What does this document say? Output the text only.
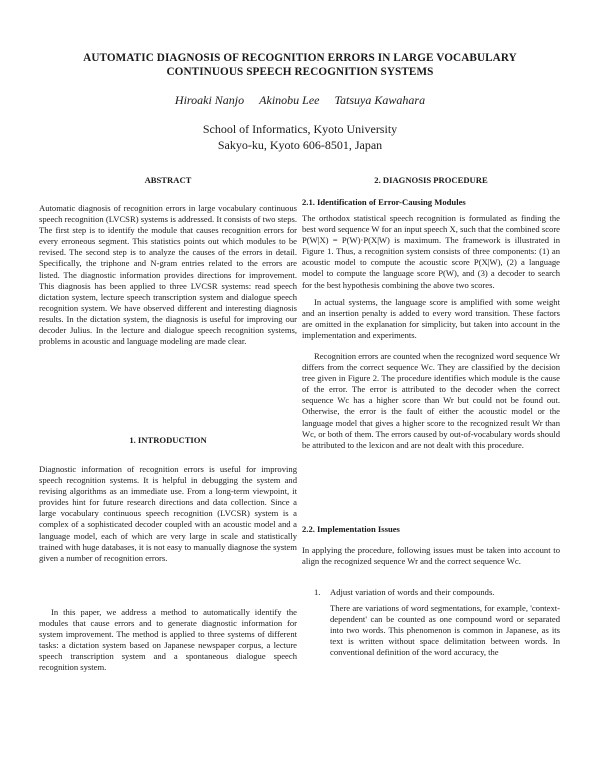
AUTOMATIC DIAGNOSIS OF RECOGNITION ERRORS IN LARGE VOCABULARY
CONTINUOUS SPEECH RECOGNITION SYSTEMS
Hiroaki Nanjo Akinobu Lee Tatsuya Kawahara
School of Informatics, Kyoto University
Sakyo-ku, Kyoto 606-8501, Japan
ABSTRACT
Automatic diagnosis of recognition errors in large vocabulary continuous speech recognition (LVCSR) systems is addressed. It consists of two steps. The first step is to identify the module that causes recognition errors for every erroneous segment. This statistics points out which modules to be revised. The second step is to analyze the causes of the errors in detail. Specifically, the triphone and N-gram entries related to the errors are listed. The diagnostic information provides directions for improvement. This diagnosis has been applied to three LVCSR systems: read speech dictation system, lecture speech transcription system and dialogue speech recognition system. We have observed different and interesting diagnosis results. In the dictation system, the diagnosis is useful for improving our decoder Julius. In the lecture and dialogue speech recognition systems, problems in acoustic and language modeling are made clear.
1. INTRODUCTION
Diagnostic information of recognition errors is useful for improving speech recognition systems. It is helpful in debugging the system and revising algorithms as an immediate use. From a long-term viewpoint, it provides hint for future research directions and data collection. Since a large vocabulary continuous speech recognition (LVCSR) system is a complex of a sophisticated decoder coupled with an acoustic model and a language model, each of which are very large in scale and statistically trained with huge databases, it is not easy to manually diagnose the system given a number of recognition errors.
In this paper, we address a method to automatically identify the modules that cause errors and to generate diagnostic information for system improvement. The method is applied to three systems of different tasks: a dictation system based on Japanese newspaper corpus, a lecture speech transcription system and a spontaneous dialogue speech recognition system.
2. DIAGNOSIS PROCEDURE
2.1. Identification of Error-Causing Modules
The orthodox statistical speech recognition is formulated as finding the best word sequence W for an input speech X, such that the combined score P(W|X) = P(W)·P(X|W) is maximum. The framework is illustrated in Figure 1. Thus, a recognition system consists of three components: (1) an acoustic model to compute the acoustic score P(X|W), (2) a language model to compute the language score P(W), and (3) a decoder to search for the best hypothesis combining the above two scores.
In actual systems, the language score is amplified with some weight and an insertion penalty is added to every word transition. These factors are omitted in the explanation for simplicity, but taken into account in the implementation and experiments.
Recognition errors are counted when the recognized word sequence Wr differs from the correct sequence Wc. They are classified by the decision tree given in Figure 2. The procedure identifies which module is the cause of the error. The error is attributed to the decoder when the correct sequence Wc has a higher score than Wr but could not be found out. Otherwise, the error is the fault of either the acoustic model or the language model that gives a higher score to the recognized result Wr than Wc, or both of them. The errors caused by out-of-vocabulary words should be attributed to the lexicon and are not dealt with this procedure.
2.2. Implementation Issues
In applying the procedure, following issues must be taken into account to align the recognized sequence Wr and the correct sequence Wc.
1. Adjust variation of words and their compounds.
There are variations of word segmentations, for example, 'context-dependent' can be counted as one compound word or separated into two words. This phenomenon is common in Japanese, as its text is written without space delimitation between words. In conventional definition of the word accuracy, the
